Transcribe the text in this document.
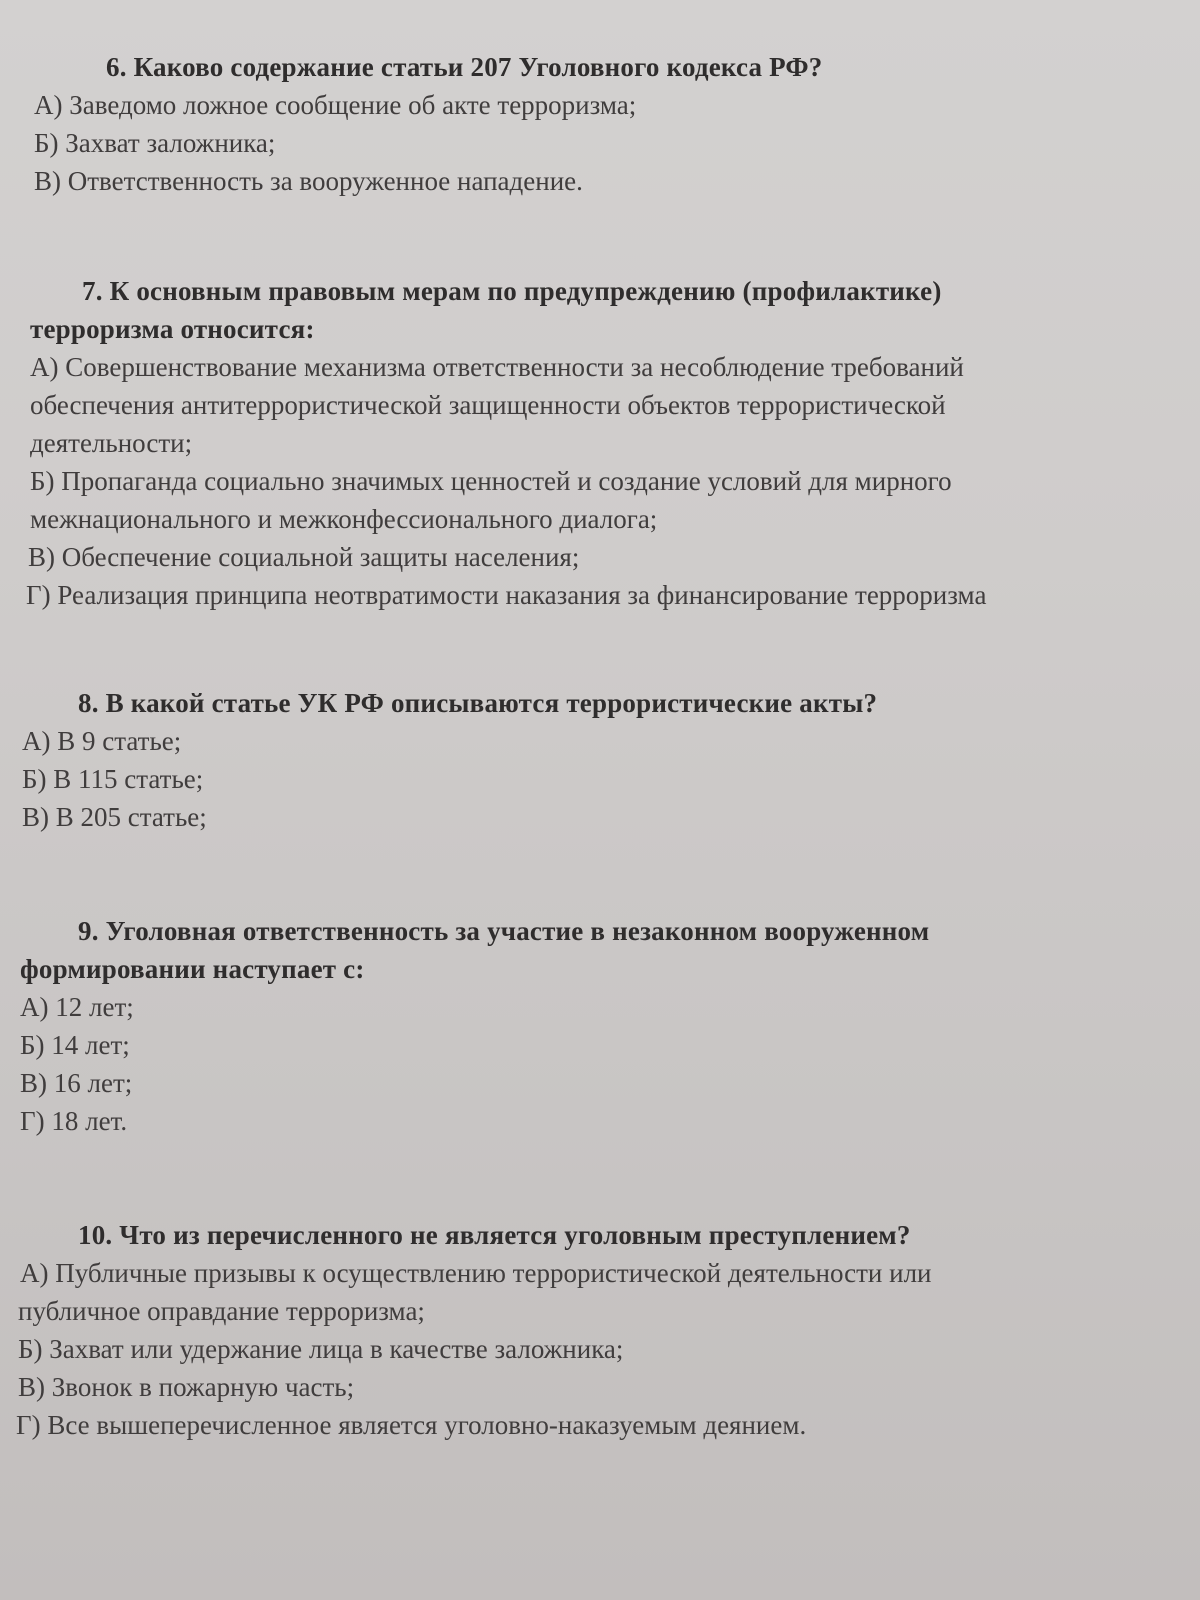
6. Каково содержание статьи 207 Уголовного кодекса РФ?

А) Заведомо ложное сообщение об акте терроризма;

Б) Захват заложника;

В) Ответственность за вооруженное нападение.

7. К основным правовым мерам по предупреждению (профилактике)

терроризма относится:

А) Совершенствование механизма ответственности за несоблюдение требований

обеспечения антитеррористической защищенности объектов террористической

деятельности;

Б) Пропаганда социально значимых ценностей и создание условий для мирного

межнационального и межконфессионального диалога;

В) Обеспечение социальной защиты населения;

Г) Реализация принципа неотвратимости наказания за финансирование терроризма

8. В какой статье УК РФ описываются террористические акты?

А) В 9 статье;

Б) В 115 статье;

В) В 205 статье;

9. Уголовная ответственность за участие в незаконном вооруженном

формировании наступает с:

А) 12 лет;

Б) 14 лет;

В) 16 лет;

Г) 18 лет.

10. Что из перечисленного не является уголовным преступлением?

А) Публичные призывы к осуществлению террористической деятельности или

публичное оправдание терроризма;

Б) Захват или удержание лица в качестве заложника;

В) Звонок в пожарную часть;

Г) Все вышеперечисленное является уголовно-наказуемым деянием.
